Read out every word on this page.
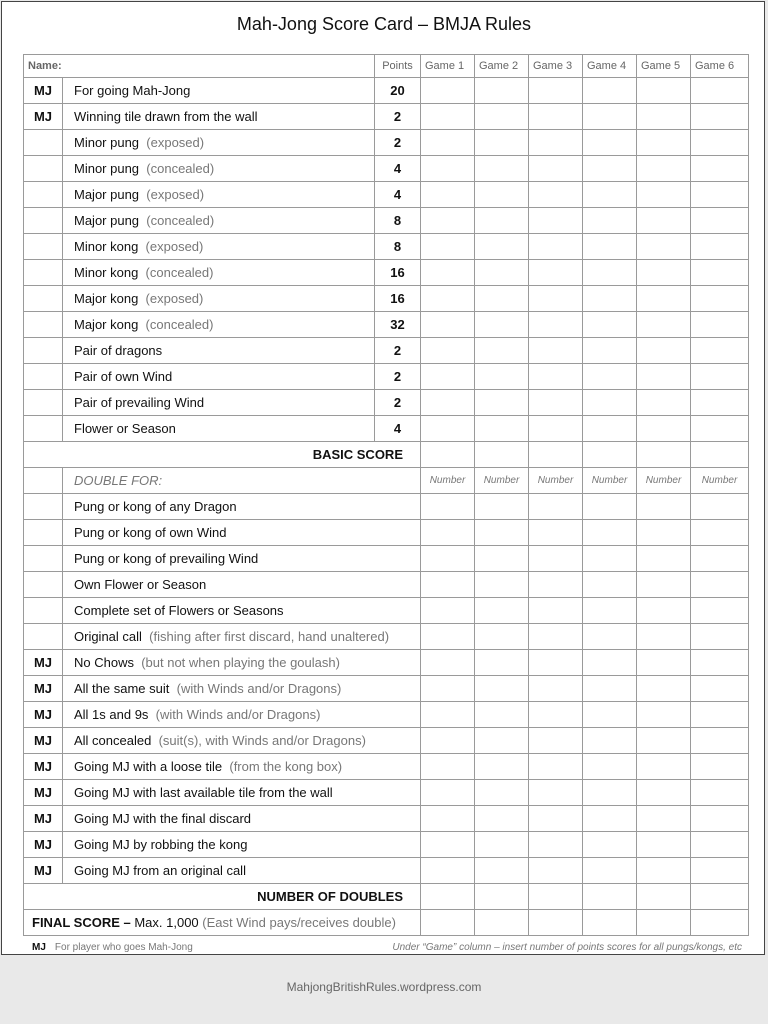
Mah-Jong Score Card – BMJA Rules
Name:		Points	Game 1	Game 2	Game 3	Game 4	Game 5	Game 6
MJ	For going Mah-Jong	20						
MJ	Winning tile drawn from the wall	2						
	Minor pung (exposed)	2						
	Minor pung (concealed)	4						
	Major pung (exposed)	4						
	Major pung (concealed)	8						
	Minor kong (exposed)	8						
	Minor kong (concealed)	16						
	Major kong (exposed)	16						
	Major kong (concealed)	32						
	Pair of dragons	2						
	Pair of own Wind	2						
	Pair of prevailing Wind	2						
	Flower or Season	4						
BASIC SCORE								
	DOUBLE FOR:		Number	Number	Number	Number	Number	Number
	Pung or kong of any Dragon							
	Pung or kong of own Wind							
	Pung or kong of prevailing Wind							
	Own Flower or Season							
	Complete set of Flowers or Seasons							
	Original call (fishing after first discard, hand unaltered)							
MJ	No Chows (but not when playing the goulash)							
MJ	All the same suit (with Winds and/or Dragons)							
MJ	All 1s and 9s (with Winds and/or Dragons)							
MJ	All concealed (suit(s), with Winds and/or Dragons)							
MJ	Going MJ with a loose tile (from the kong box)							
MJ	Going MJ with last available tile from the wall							
MJ	Going MJ with the final discard							
MJ	Going MJ by robbing the kong							
MJ	Going MJ from an original call							
NUMBER OF DOUBLES								
FINAL SCORE – Max. 1,000 (East Wind pays/receives double)								
MJ For player who goes Mah-Jong	Under “Game” column – insert number of points scores for all pungs/kongs, etc
MahjongBritishRules.wordpress.com
